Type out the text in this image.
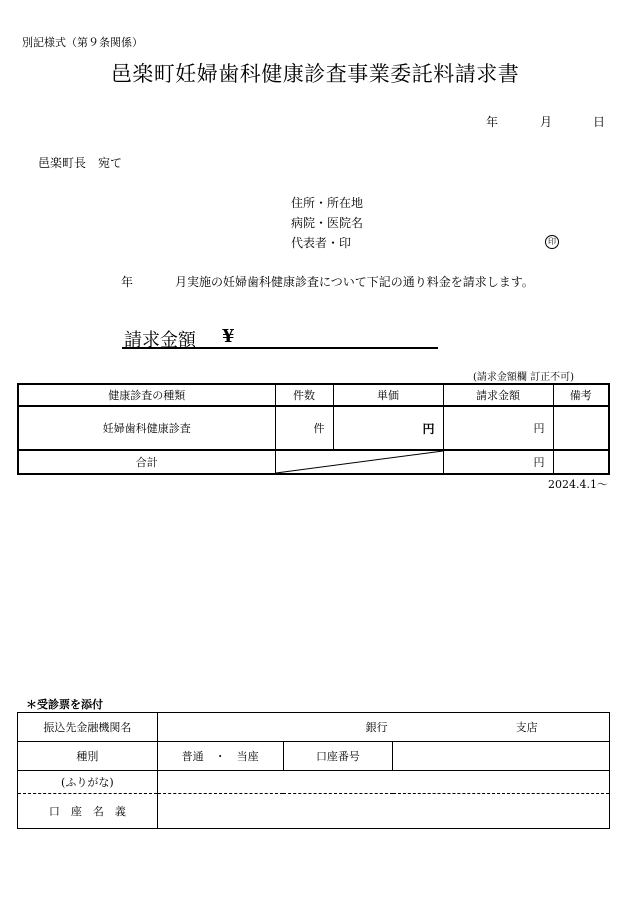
別記様式（第９条関係）
邑楽町妊婦歯科健康診査事業委託料請求書
年	月	日
邑楽町長　宛て
住所・所在地
病院・医院名
代表者・印	印
年	月実施の妊婦歯科健康診査について下記の通り料金を請求します。
請求金額 ¥
(請求金額欄 訂正不可)
健康診査の種類	件数	単価	請求金額	備考
妊婦歯科健康診査	件	円	円	
合計			円	
2024.4.1～
＊受診票を添付
振込先金融機関名	銀行 支店		
種別	普通　・　当座	口座番号	
(ふりがな)			
口　座　名　義			
